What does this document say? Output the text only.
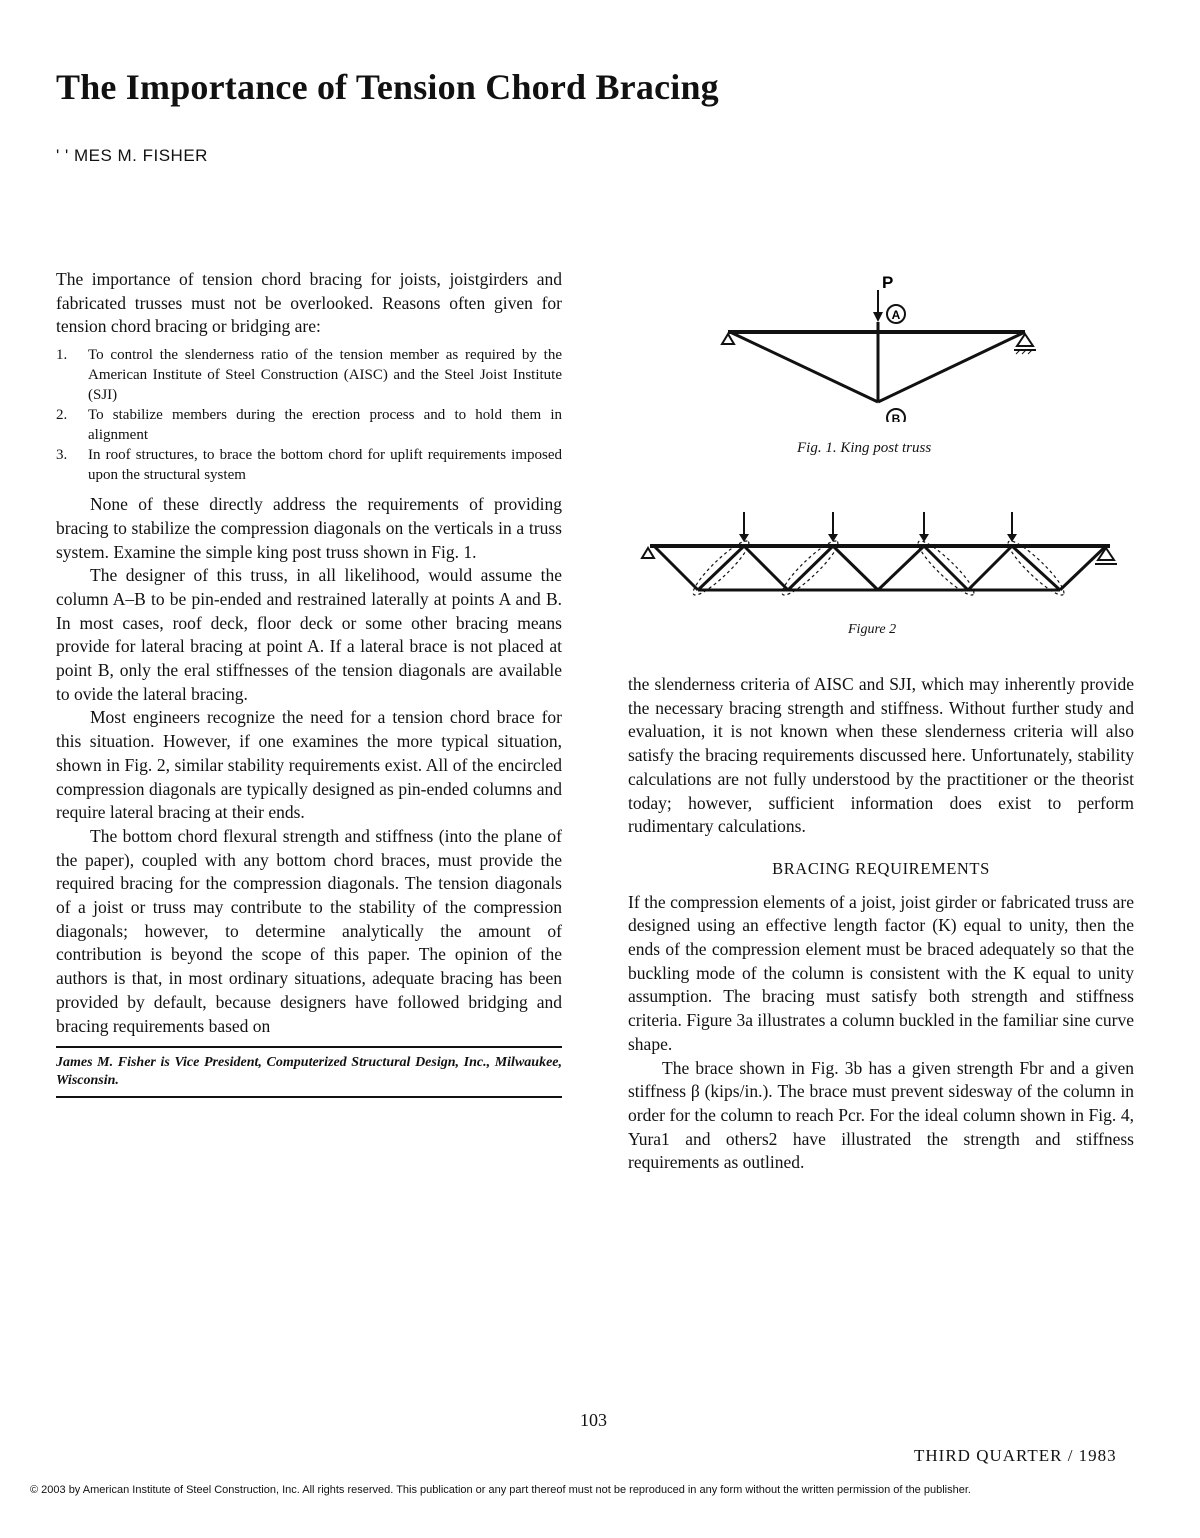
The Importance of Tension Chord Bracing
' ' MES M. FISHER

The importance of tension chord bracing for joists, joistgirders and fabricated trusses must not be overlooked. Reasons often given for tension chord bracing or bridging are:

1. To control the slenderness ratio of the tension member as required by the American Institute of Steel Construction (AISC) and the Steel Joist Institute (SJI)
2. To stabilize members during the erection process and to hold them in alignment
3. In roof structures, to brace the bottom chord for uplift requirements imposed upon the structural system

None of these directly address the requirements of providing bracing to stabilize the compression diagonals on the verticals in a truss system. Examine the simple king post truss shown in Fig. 1.

The designer of this truss, in all likelihood, would assume the column A–B to be pin-ended and restrained laterally at points A and B. In most cases, roof deck, floor deck or some other bracing means provide for lateral bracing at point A. If a lateral brace is not placed at point B, only the eral stiffnesses of the tension diagonals are available to ovide the lateral bracing.

Most engineers recognize the need for a tension chord brace for this situation. However, if one examines the more typical situation, shown in Fig. 2, similar stability requirements exist. All of the encircled compression diagonals are typically designed as pin-ended columns and require lateral bracing at their ends.

The bottom chord flexural strength and stiffness (into the plane of the paper), coupled with any bottom chord braces, must provide the required bracing for the compression diagonals. The tension diagonals of a joist or truss may contribute to the stability of the compression diagonals; however, to determine analytically the amount of contribution is beyond the scope of this paper. The opinion of the authors is that, in most ordinary situations, adequate bracing has been provided by default, because designers have followed bridging and bracing requirements based on

James M. Fisher is Vice President, Computerized Structural Design, Inc., Milwaukee, Wisconsin.
P
A
B
Fig. 1. King post truss
Figure 2

the slenderness criteria of AISC and SJI, which may inherently provide the necessary bracing strength and stiffness. Without further study and evaluation, it is not known when these slenderness criteria will also satisfy the bracing requirements discussed here. Unfortunately, stability calculations are not fully understood by the practitioner or the theorist today; however, sufficient information does exist to perform rudimentary calculations.

BRACING REQUIREMENTS

If the compression elements of a joist, joist girder or fabricated truss are designed using an effective length factor (K) equal to unity, then the ends of the compression element must be braced adequately so that the buckling mode of the column is consistent with the K equal to unity assumption. The bracing must satisfy both strength and stiffness criteria. Figure 3a illustrates a column buckled in the familiar sine curve shape.

The brace shown in Fig. 3b has a given strength Fbr and a given stiffness β (kips/in.). The brace must prevent sidesway of the column in order for the column to reach Pcr. For the ideal column shown in Fig. 4, Yura1 and others2 have illustrated the strength and stiffness requirements as outlined.

103
THIRD QUARTER / 1983
© 2003 by American Institute of Steel Construction, Inc. All rights reserved. This publication or any part thereof must not be reproduced in any form without the written permission of the publisher.
